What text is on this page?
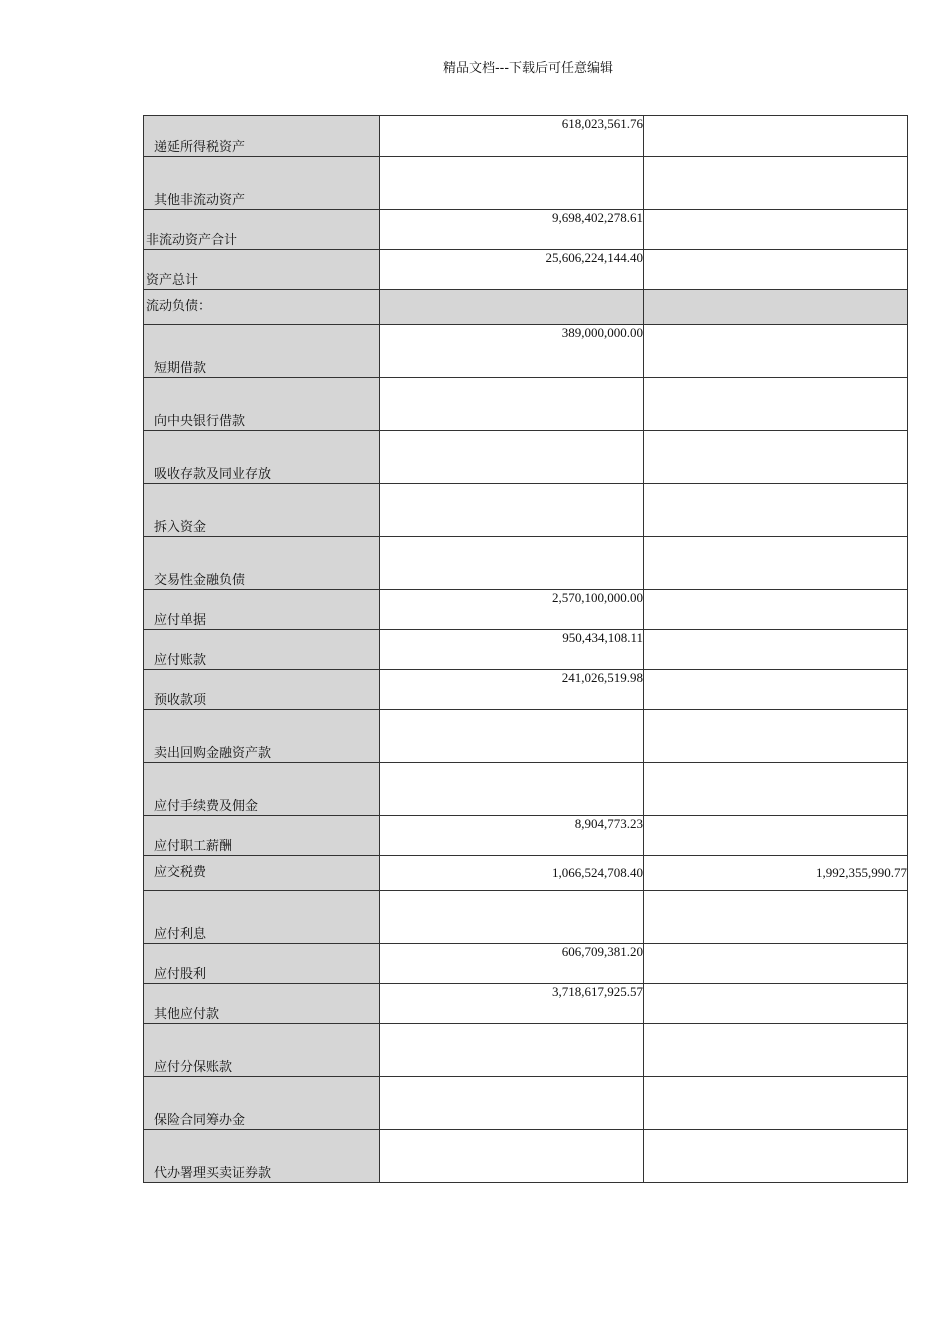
精品文档---下载后可任意编辑
递延所得税资产	618,023,561.76	
其他非流动资产		
非流动资产合计	9,698,402,278.61	
资产总计	25,606,224,144.40	
流动负债：		
短期借款	389,000,000.00	
向中央银行借款		
吸收存款及同业存放		
拆入资金		
交易性金融负债		
应付单据	2,570,100,000.00	
应付账款	950,434,108.11	
预收款项	241,026,519.98	
卖出回购金融资产款		
应付手续费及佣金		
应付职工薪酬	8,904,773.23	
应交税费	1,066,524,708.40	1,992,355,990.77
应付利息		
应付股利	606,709,381.20	
其他应付款	3,718,617,925.57	
应付分保账款		
保险合同筹办金		
代办署理买卖证券款		
